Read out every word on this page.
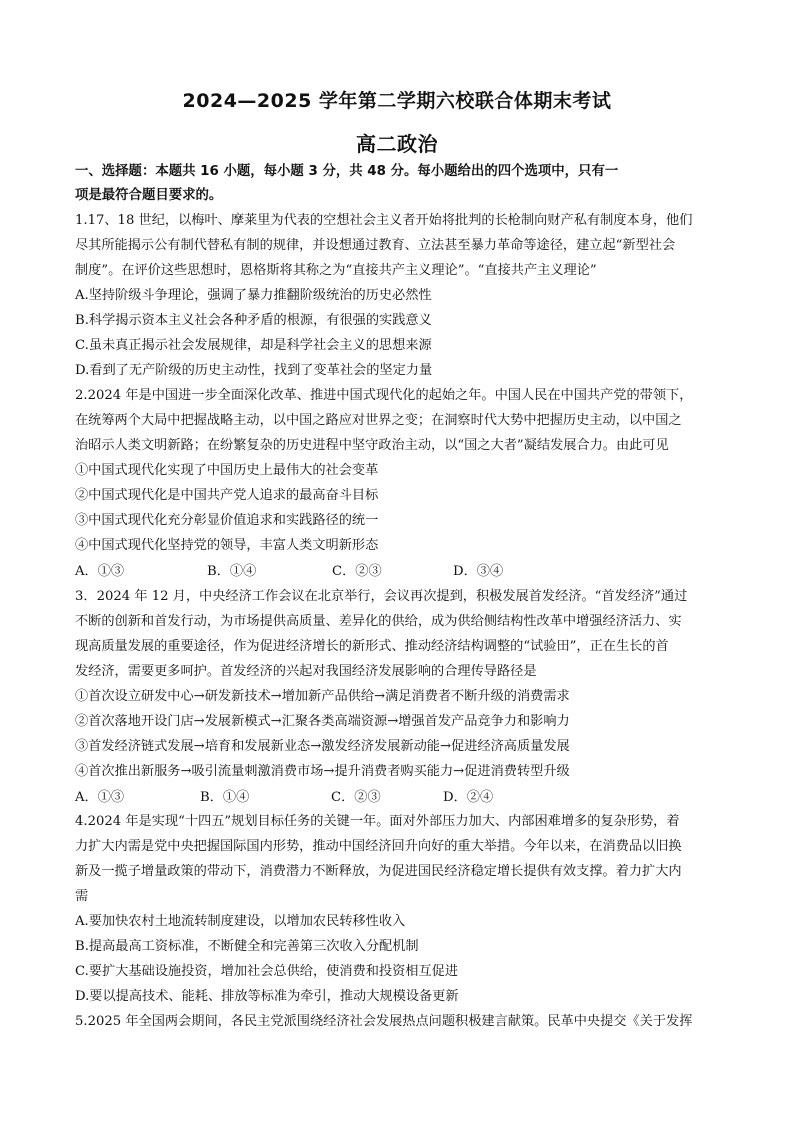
2024—2025 学年第二学期六校联合体期末考试
高二政治
一、选择题：本题共 16 小题，每小题 3 分，共 48 分。每小题给出的四个选项中，只有一
项是最符合题目要求的。
1.17、18 世纪，以梅叶、摩莱里为代表的空想社会主义者开始将批判的长枪制向财产私有制度本身，他们
尽其所能揭示公有制代替私有制的规律，并设想通过教育、立法甚至暴力革命等途径，建立起“新型社会
制度”。在评价这些思想时，恩格斯将其称之为“直接共产主义理论”。“直接共产主义理论”
A.坚持阶级斗争理论，强调了暴力推翻阶级统治的历史必然性
B.科学揭示资本主义社会各种矛盾的根源，有很强的实践意义
C.虽未真正揭示社会发展规律，却是科学社会主义的思想来源
D.看到了无产阶级的历史主动性，找到了变革社会的坚定力量
2.2024 年是中国进一步全面深化改革、推进中国式现代化的起始之年。中国人民在中国共产党的带领下，
在统筹两个大局中把握战略主动，以中国之路应对世界之变；在洞察时代大势中把握历史主动，以中国之
治昭示人类文明新路；在纷繁复杂的历史进程中坚守政治主动，以“国之大者”凝结发展合力。由此可见
①中国式现代化实现了中国历史上最伟大的社会变革
②中国式现代化是中国共产党人追求的最高奋斗目标
③中国式现代化充分彰显价值追求和实践路径的统一
④中国式现代化坚持党的领导，丰富人类文明新形态
A．①③	B．①④	C．②③	D．③④
3．2024 年 12 月，中央经济工作会议在北京举行，会议再次提到，积极发展首发经济。“首发经济”通过
不断的创新和首发行动，为市场提供高质量、差异化的供给，成为供给侧结构性改革中增强经济活力、实
现高质量发展的重要途径，作为促进经济增长的新形式、推动经济结构调整的“试验田”，正在生长的首
发经济，需要更多呵护。首发经济的兴起对我国经济发展影响的合理传导路径是
①首次设立研发中心→研发新技术→增加新产品供给→满足消费者不断升级的消费需求
②首次落地开设门店→发展新模式→汇聚各类高端资源→增强首发产品竞争力和影响力
③首发经济链式发展→培育和发展新业态→激发经济发展新动能→促进经济高质量发展
④首次推出新服务→吸引流量刺激消费市场→提升消费者购买能力→促进消费转型升级
A．①③	B．①④	C．②③	D．②④
4.2024 年是实现“十四五”规划目标任务的关键一年。面对外部压力加大、内部困难增多的复杂形势，着
力扩大内需是党中央把握国际国内形势，推动中国经济回升向好的重大举措。今年以来，在消费品以旧换
新及一揽子增量政策的带动下，消费潜力不断释放，为促进国民经济稳定增长提供有效支撑。着力扩大内
需
A.要加快农村土地流转制度建设，以增加农民转移性收入
B.提高最高工资标准，不断健全和完善第三次收入分配机制
C.要扩大基础设施投资，增加社会总供给，使消费和投资相互促进
D.要以提高技术、能耗、排放等标准为牵引，推动大规模设备更新
5.2025 年全国两会期间，各民主党派围绕经济社会发展热点问题积极建言献策。民革中央提交《关于发挥
